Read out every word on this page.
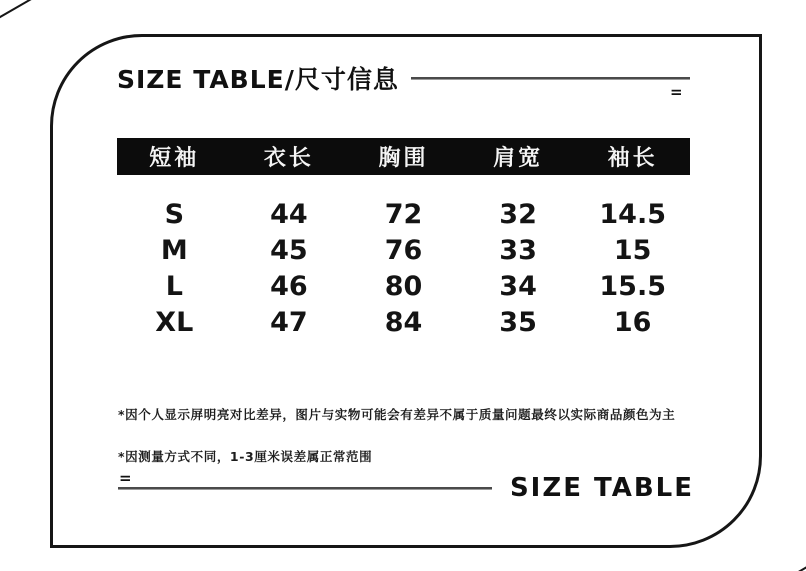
SIZE TABLE/尺寸信息	=
短袖	衣长	胸围	肩宽	袖长
S	44	72	32	14.5
M	45	76	33	15
L	46	80	34	15.5
XL	47	84	35	16
*因个人显示屏明亮对比差异，图片与实物可能会有差异不属于质量问题最终以实际商品颜色为主
*因测量方式不同，1-3厘米误差属正常范围
=	SIZE TABLE
